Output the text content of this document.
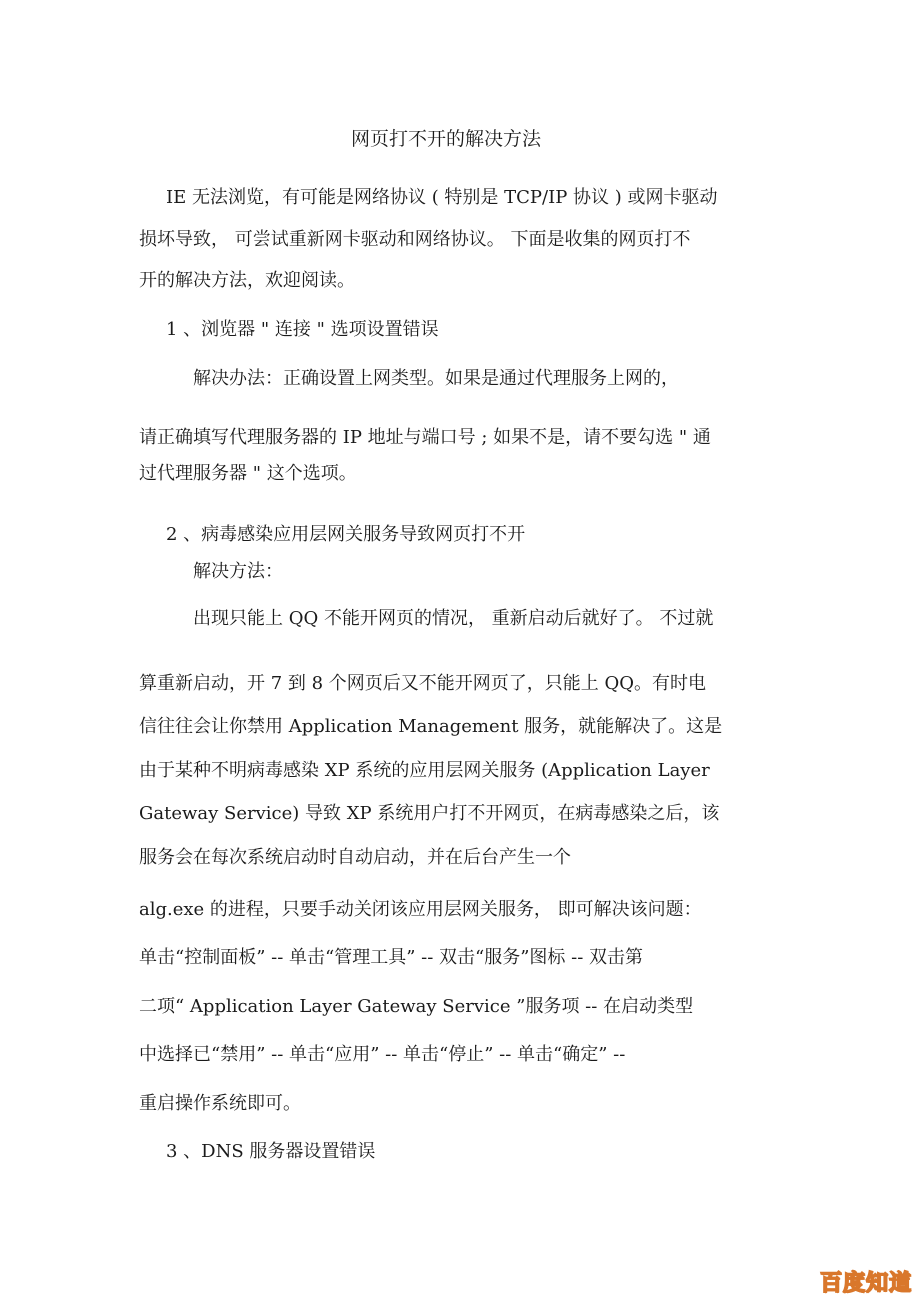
网页打不开的解决方法
IE 无法浏览，有可能是网络协议 ( 特别是 TCP/IP 协议 ) 或网卡驱动
损坏导致， 可尝试重新网卡驱动和网络协议。 下面是收集的网页打不
开的解决方法，欢迎阅读。
1 、浏览器 " 连接 " 选项设置错误
解决办法：正确设置上网类型。如果是通过代理服务上网的，
请正确填写代理服务器的 IP 地址与端口号 ; 如果不是，请不要勾选 " 通
过代理服务器 " 这个选项。
2 、病毒感染应用层网关服务导致网页打不开
解决方法：
出现只能上 QQ 不能开网页的情况， 重新启动后就好了。 不过就
算重新启动，开 7 到 8 个网页后又不能开网页了，只能上 QQ。有时电
信往往会让你禁用 Application Management 服务，就能解决了。这是
由于某种不明病毒感染 XP 系统的应用层网关服务 (Application Layer
Gateway Service) 导致 XP 系统用户打不开网页，在病毒感染之后，该
服务会在每次系统启动时自动启动，并在后台产生一个
alg.exe 的进程，只要手动关闭该应用层网关服务， 即可解决该问题：
单击“控制面板” -- 单击“管理工具” -- 双击“服务”图标 -- 双击第
二项“ Application Layer Gateway Service ”服务项 -- 在启动类型
中选择已“禁用” -- 单击“应用” -- 单击“停止” -- 单击“确定” --
重启操作系统即可。
3 、DNS 服务器设置错误
百度知道
